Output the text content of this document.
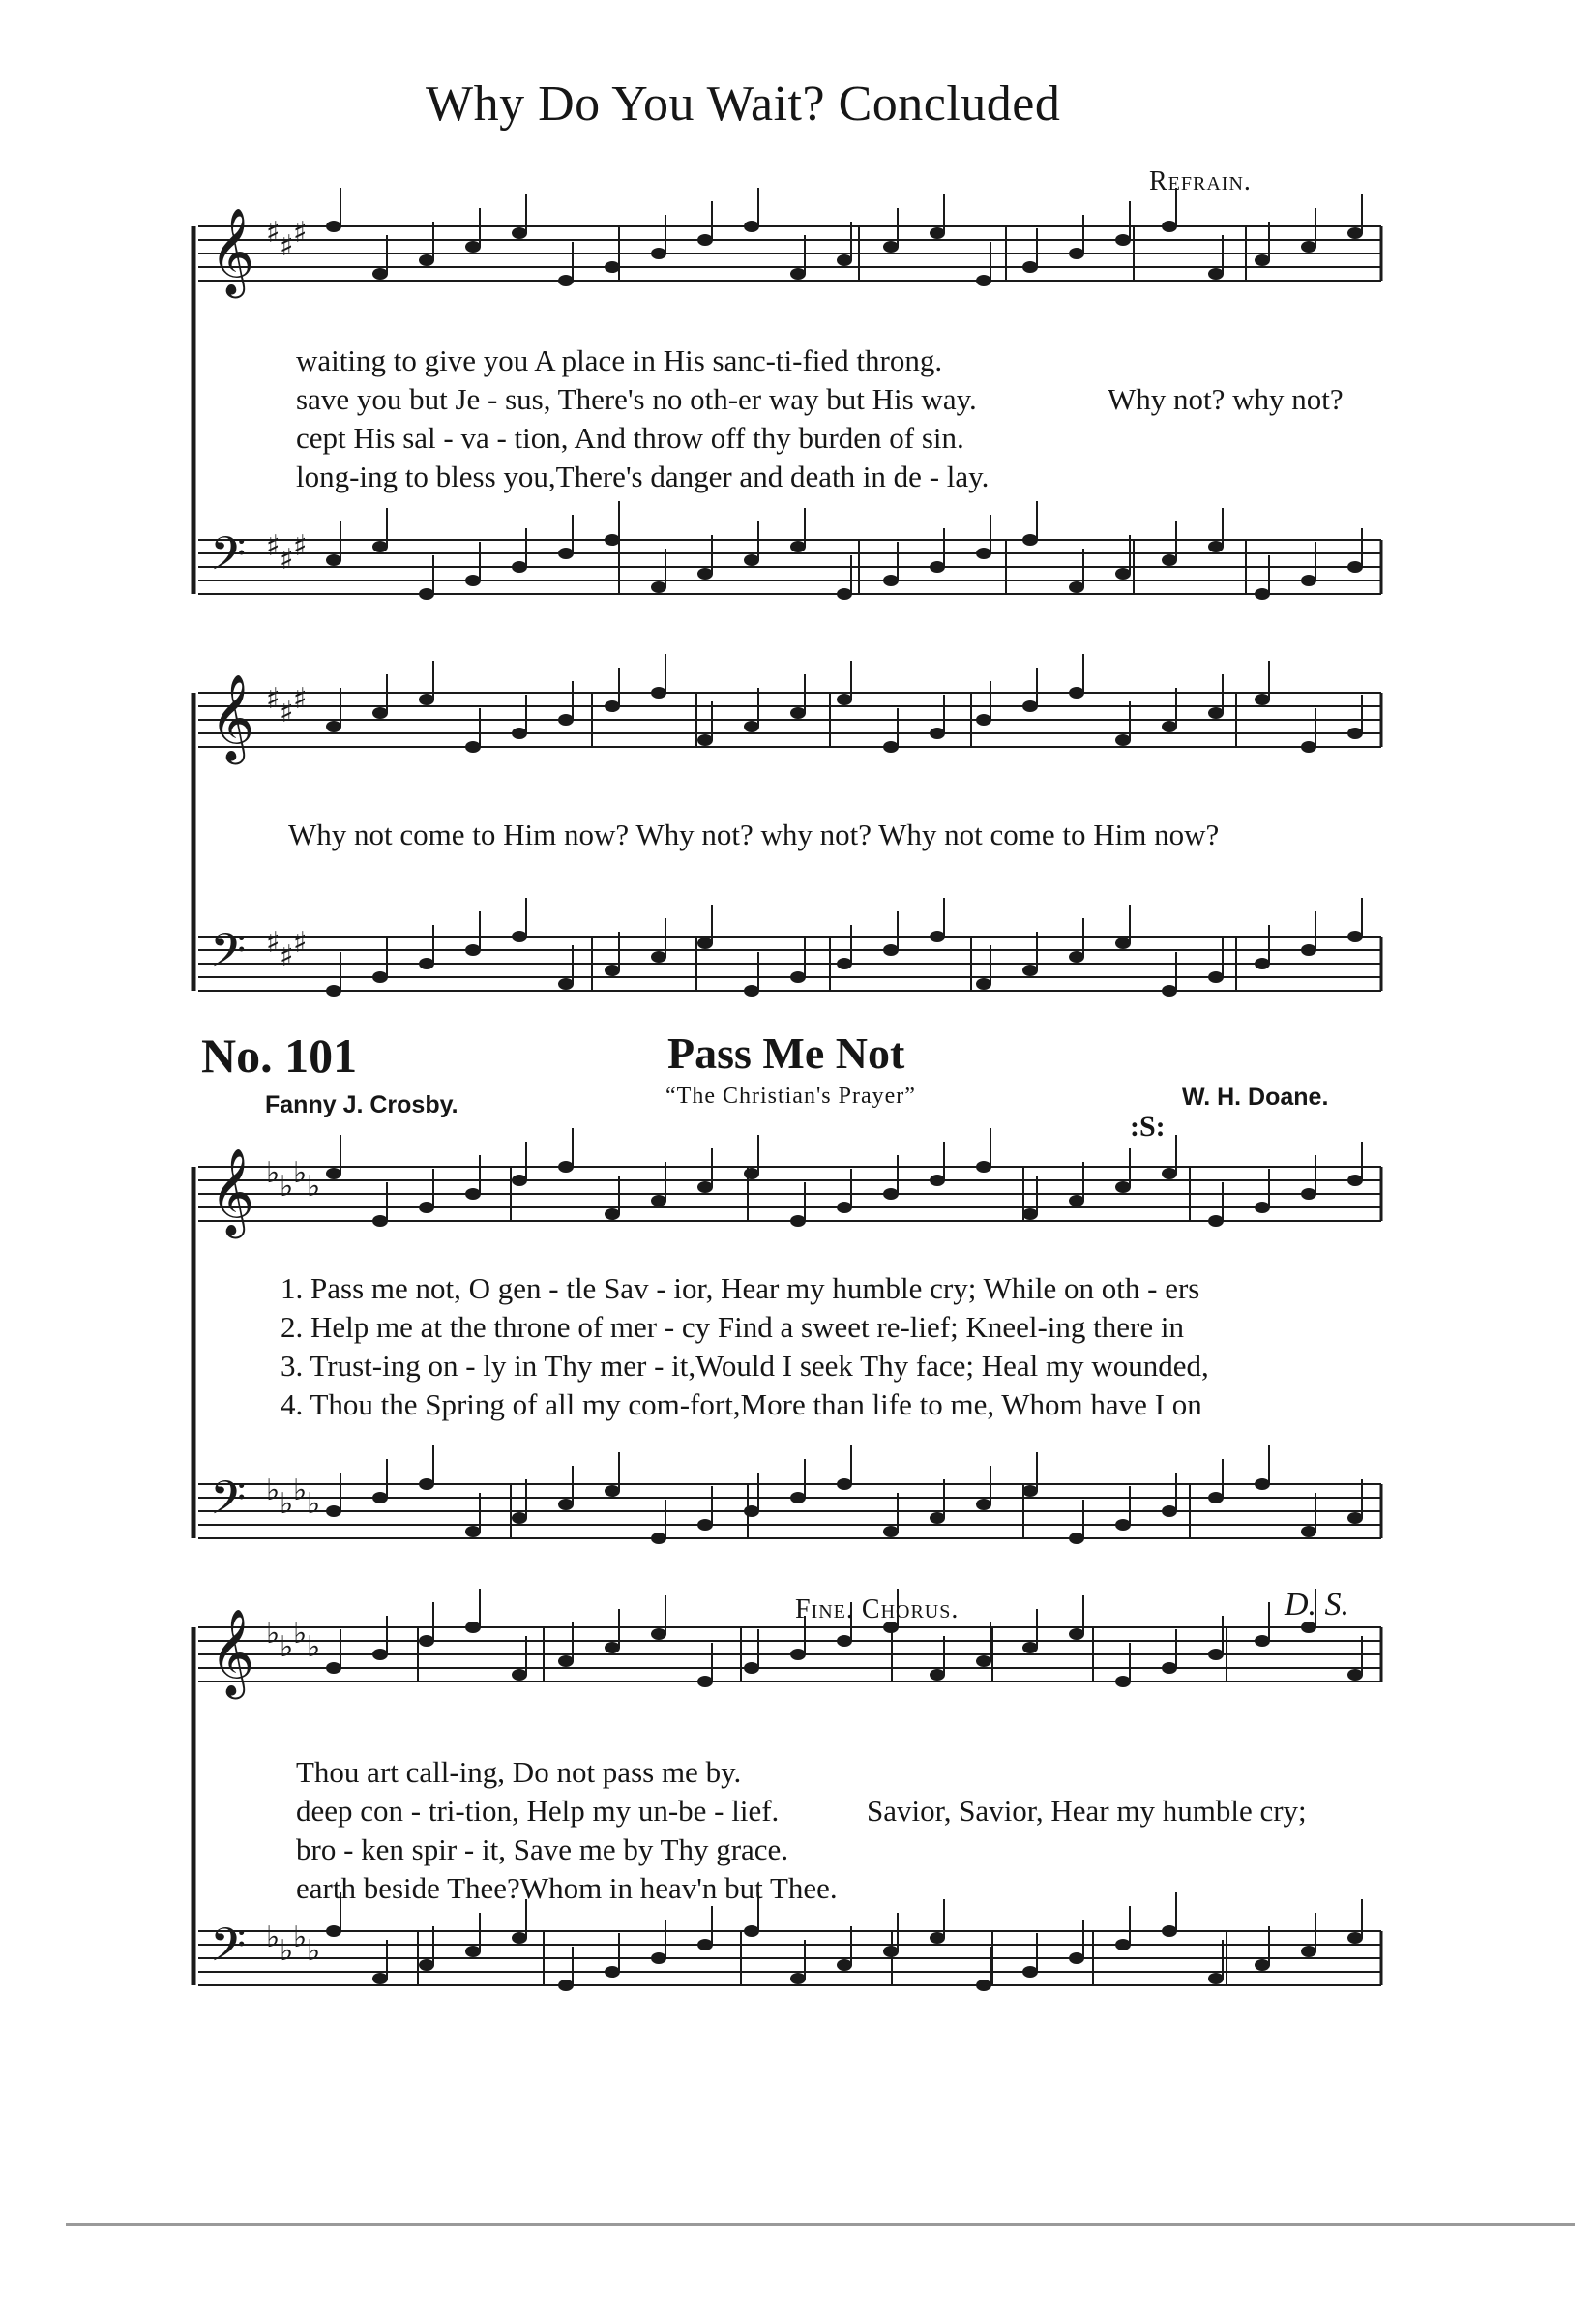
𝄞 ♯ ♯ ♯
𝄢 ♯ ♯ ♯
𝄞 ♯ ♯ ♯
𝄢 ♯ ♯ ♯
𝄞 ♭ ♭ ♭ ♭
𝄢 ♭ ♭ ♭ ♭
𝄞 ♭ ♭ ♭ ♭
𝄢 ♭ ♭ ♭ ♭
Why Do You Wait? Concluded
Refrain.
waiting to give you A place in His sanc-ti-fied throng.
save you but Je - sus, There's no oth-er way but His way.
cept His sal - va - tion, And throw off thy burden of sin.
long-ing to bless you,There's danger and death in de - lay.
Why not? why not?
Why not come to Him now? Why not? why not? Why not come to Him now?
No. 101	Pass Me Not
“The Christian's Prayer”
Fanny J. Crosby.	W. H. Doane.
:S:
1. Pass me not, O gen - tle Sav - ior, Hear my humble cry; While on oth - ers
2. Help me at the throne of mer - cy Find a sweet re-lief; Kneel-ing there in
3. Trust-ing on - ly in Thy mer - it,Would I seek Thy face; Heal my wounded,
4. Thou the Spring of all my com-fort,More than life to me, Whom have I on
Fine. Chorus.	D. S.
Thou art call-ing, Do not pass me by.
deep con - tri-tion, Help my un-be - lief.
bro - ken spir - it, Save me by Thy grace.
earth beside Thee?Whom in heav'n but Thee.
Savior, Savior, Hear my humble cry;
